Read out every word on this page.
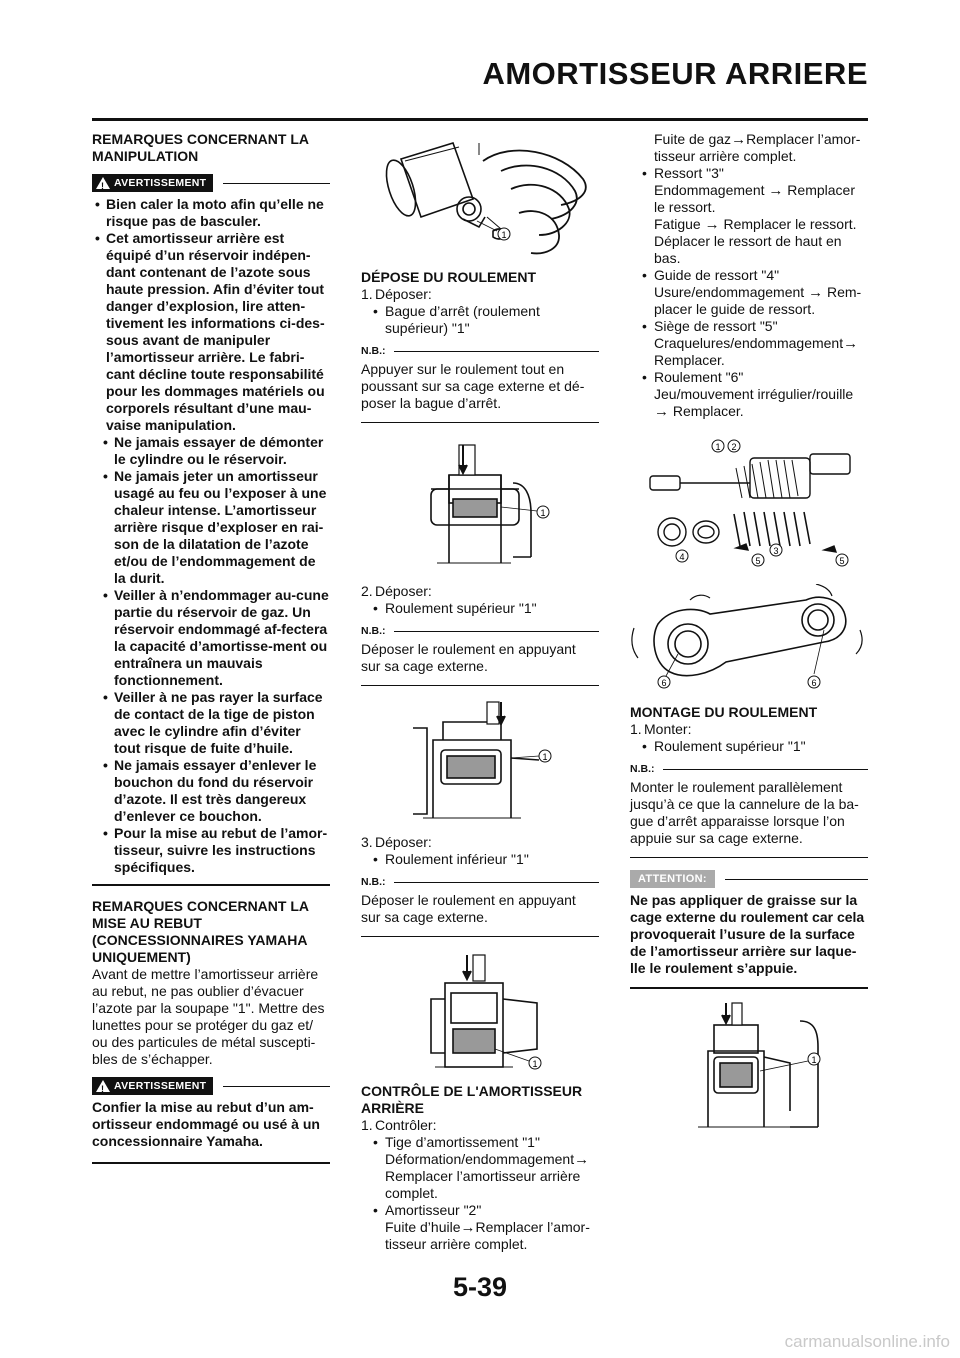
AMORTISSEUR ARRIERE

REMARQUES CONCERNANT LA MANIPULATION

! AVERTISSEMENT
• Bien caler la moto afin qu’elle ne risque pas de basculer.
• Cet amortisseur arrière est équipé d’un réservoir indépen-dant contenant de l’azote sous haute pression. Afin d’éviter tout danger d’explosion, lire atten-tivement les informations ci-des-sous avant de manipuler l’amortisseur arrière. Le fabri-cant décline toute responsabilité pour les dommages matériels ou corporels résultant d’une mau-vaise manipulation.
• Ne jamais essayer de démonter le cylindre ou le réservoir.
• Ne jamais jeter un amortisseur usagé au feu ou l’exposer à une chaleur intense. L’amortisseur arrière risque d’exploser en rai-son de la dilatation de l’azote et/ou de l’endommagement de la durit.
• Veiller à n’endommager au-cune partie du réservoir de gaz. Un réservoir endommagé af-fectera la capacité d’amortisse-ment ou entraînera un mauvais fonctionnement.
• Veiller à ne pas rayer la surface de contact de la tige de piston avec le cylindre afin d’éviter tout risque de fuite d’huile.
• Ne jamais essayer d’enlever le bouchon du fond du réservoir d’azote. Il est très dangereux d’enlever ce bouchon.
• Pour la mise au rebut de l’amor-tisseur, suivre les instructions spécifiques.

REMARQUES CONCERNANT LA MISE AU REBUT (CONCESSIONNAIRES YAMAHA UNIQUEMENT)

Avant de mettre l’amortisseur arrière au rebut, ne pas oublier d’évacuer l’azote par la soupape "1". Mettre des lunettes pour se protéger du gaz et/ ou des particules de métal suscepti-bles de s’échapper.

! AVERTISSEMENT

Confier la mise au rebut d’un am-ortisseur endommagé ou usé à un concessionnaire Yamaha.

1

DÉPOSE DU ROULEMENT

1. Déposer:
• Bague d’arrêt (roulement supérieur) "1"
N.B.:

Appuyer sur le roulement tout en poussant sur sa cage externe et dé-poser la bague d’arrêt.

1
2. Déposer:
• Roulement supérieur "1"
N.B.:

Déposer le roulement en appuyant sur sa cage externe.

1
3. Déposer:
• Roulement inférieur "1"
N.B.:

Déposer le roulement en appuyant sur sa cage externe.

1

CONTRÔLE DE L'AMORTISSEUR ARRIÈRE

1. Contrôler:
• Tige d’amortissement "1"
Déformation/endommagement→
Remplacer l’amortisseur arrière complet.
• Amortisseur "2"
Fuite d’huile→Remplacer l’amor-tisseur arrière complet.
Fuite de gaz→Remplacer l’amor-tisseur arrière complet.
• Ressort "3"
Endommagement → Remplacer le ressort.
Fatigue → Remplacer le ressort.
Déplacer le ressort de haut en bas.
• Guide de ressort "4"
Usure/endommagement → Rem-placer le guide de ressort.
• Siège de ressort "5"
Craquelures/endommagement→
Remplacer.
• Roulement "6"
Jeu/mouvement irrégulier/rouille
→ Remplacer.
1 2
3
4	5	5
6	6

MONTAGE DU ROULEMENT

1. Monter:
• Roulement supérieur "1"
N.B.:

Monter le roulement parallèlement jusqu’à ce que la cannelure de la ba-gue d’arrêt apparaisse lorsque l’on appuie sur sa cage externe.

ATTENTION:

Ne pas appliquer de graisse sur la cage externe du roulement car cela provoquerait l’usure de la surface de l’amortisseur arrière sur laque-lle le roulement s’appuie.

1
5-39
carmanualsonline.info
